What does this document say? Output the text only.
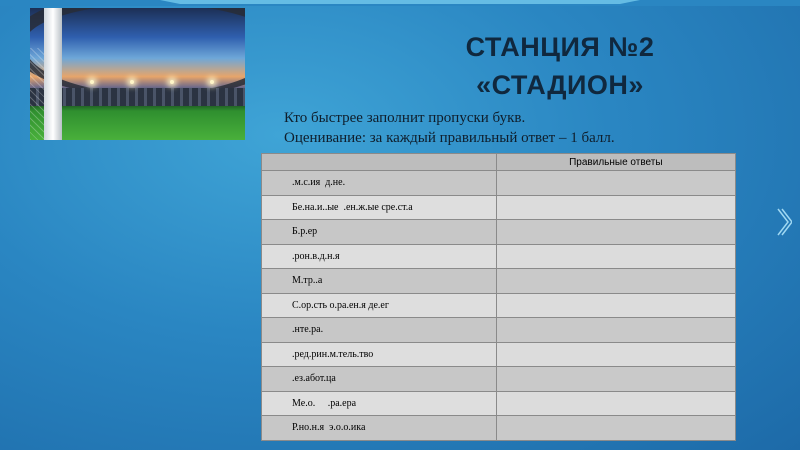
СТАНЦИЯ №2
«СТАДИОН»
Кто быстрее заполнит пропуски букв.
Оценивание: за каждый правильный ответ – 1 балл.
	Правильные ответы
.м.с.ия  д.не.	
Бе.на.и..ые  .ен.ж.ые сре.ст.а	
Б.р.ер	
.рон.в.д.н.я	
М.тр..а	
С.ор.сть о.ра.ен.я де.ег	
.нте.ра.	
.ред.рин.м.тель.тво	
.ез.абот.ца	
Ме.о.     .ра.ера	
Р.но.н.я  э.о.о.ика	
